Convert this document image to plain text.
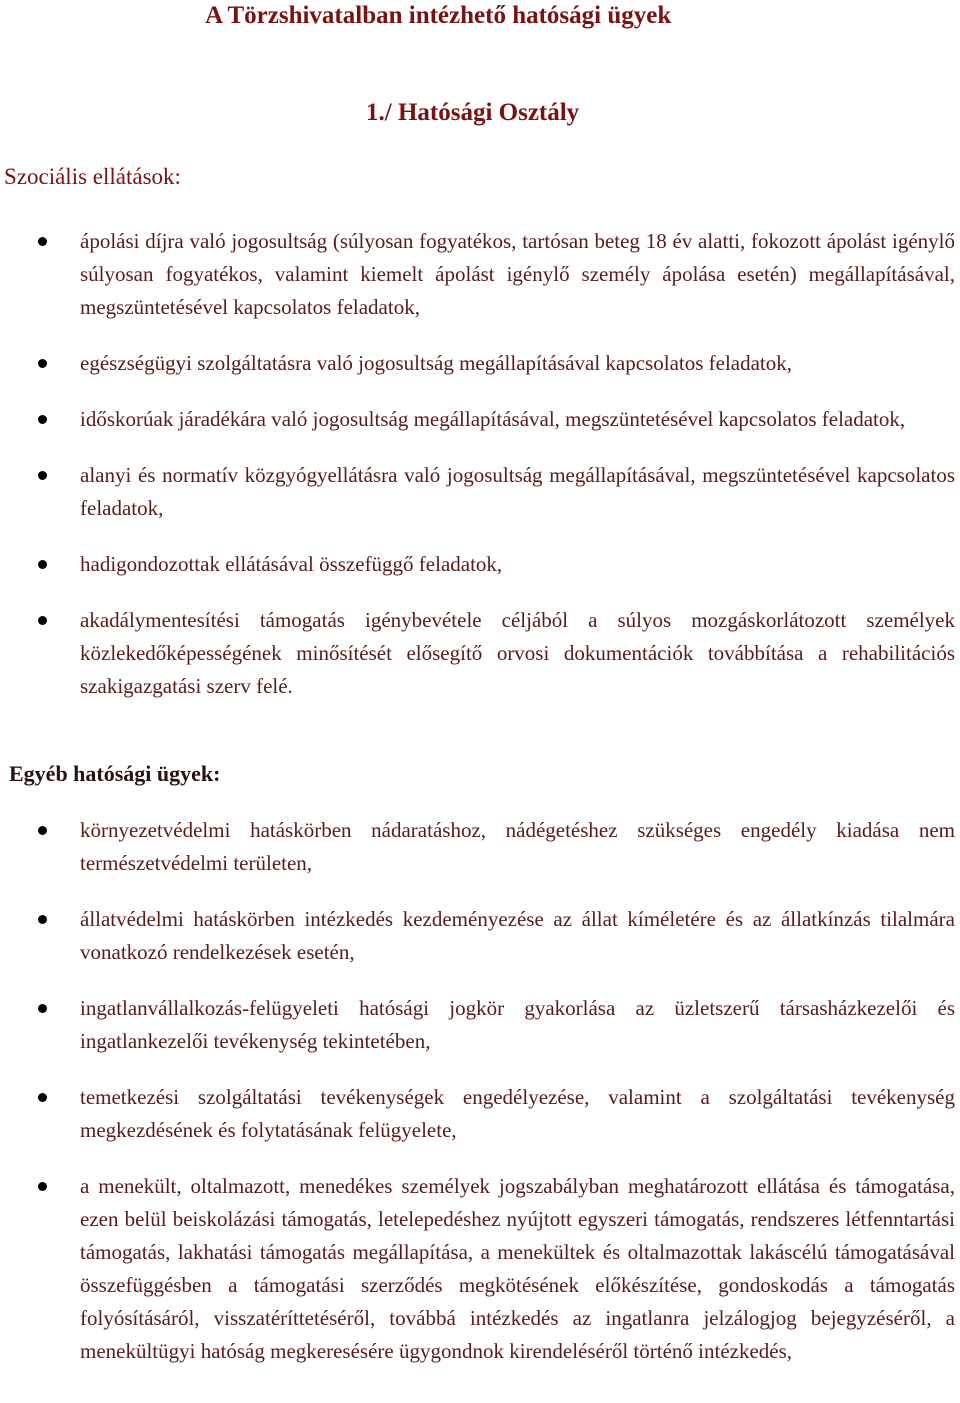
A Törzshivatalban intézhető hatósági ügyek
1./ Hatósági Osztály
Szociális ellátások:
ápolási díjra való jogosultság (súlyosan fogyatékos, tartósan beteg 18 év alatti, fokozott ápolást igénylő súlyosan fogyatékos, valamint kiemelt ápolást igénylő személy ápolása esetén) megállapításával, megszüntetésével kapcsolatos feladatok,
egészségügyi szolgáltatásra való jogosultság megállapításával kapcsolatos feladatok,
időskorúak járadékára való jogosultság megállapításával, megszüntetésével kapcsolatos feladatok,
alanyi és normatív közgyógyellátásra való jogosultság megállapításával, megszüntetésével kapcsolatos feladatok,
hadigondozottak ellátásával összefüggő feladatok,
akadálymentesítési támogatás igénybevétele céljából a súlyos mozgáskorlátozott személyek közlekedőképességének minősítését elősegítő orvosi dokumentációk továbbítása a rehabilitációs szakigazgatási szerv felé.
Egyéb hatósági ügyek:
környezetvédelmi hatáskörben nádaratáshoz, nádégetéshez szükséges engedély kiadása nem természetvédelmi területen,
állatvédelmi hatáskörben intézkedés kezdeményezése az állat kíméletére és az állatkínzás tilalmára vonatkozó rendelkezések esetén,
ingatlanvállalkozás-felügyeleti hatósági jogkör gyakorlása az üzletszerű társasházkezelői és ingatlankezelői tevékenység tekintetében,
temetkezési szolgáltatási tevékenységek engedélyezése, valamint a szolgáltatási tevékenység megkezdésének és folytatásának felügyelete,
a menekült, oltalmazott, menedékes személyek jogszabályban meghatározott ellátása és támogatása, ezen belül beiskolázási támogatás, letelepedéshez nyújtott egyszeri támogatás, rendszeres létfenntartási támogatás, lakhatási támogatás megállapítása, a menekültek és oltalmazottak lakáscélú támogatásával összefüggésben a támogatási szerződés megkötésének előkészítése, gondoskodás a támogatás folyósításáról, visszatéríttetéséről, továbbá intézkedés az ingatlanra jelzálogjog bejegyzéséről, a menekültügyi hatóság megkeresésére ügygondnok kirendeléséről történő intézkedés,
